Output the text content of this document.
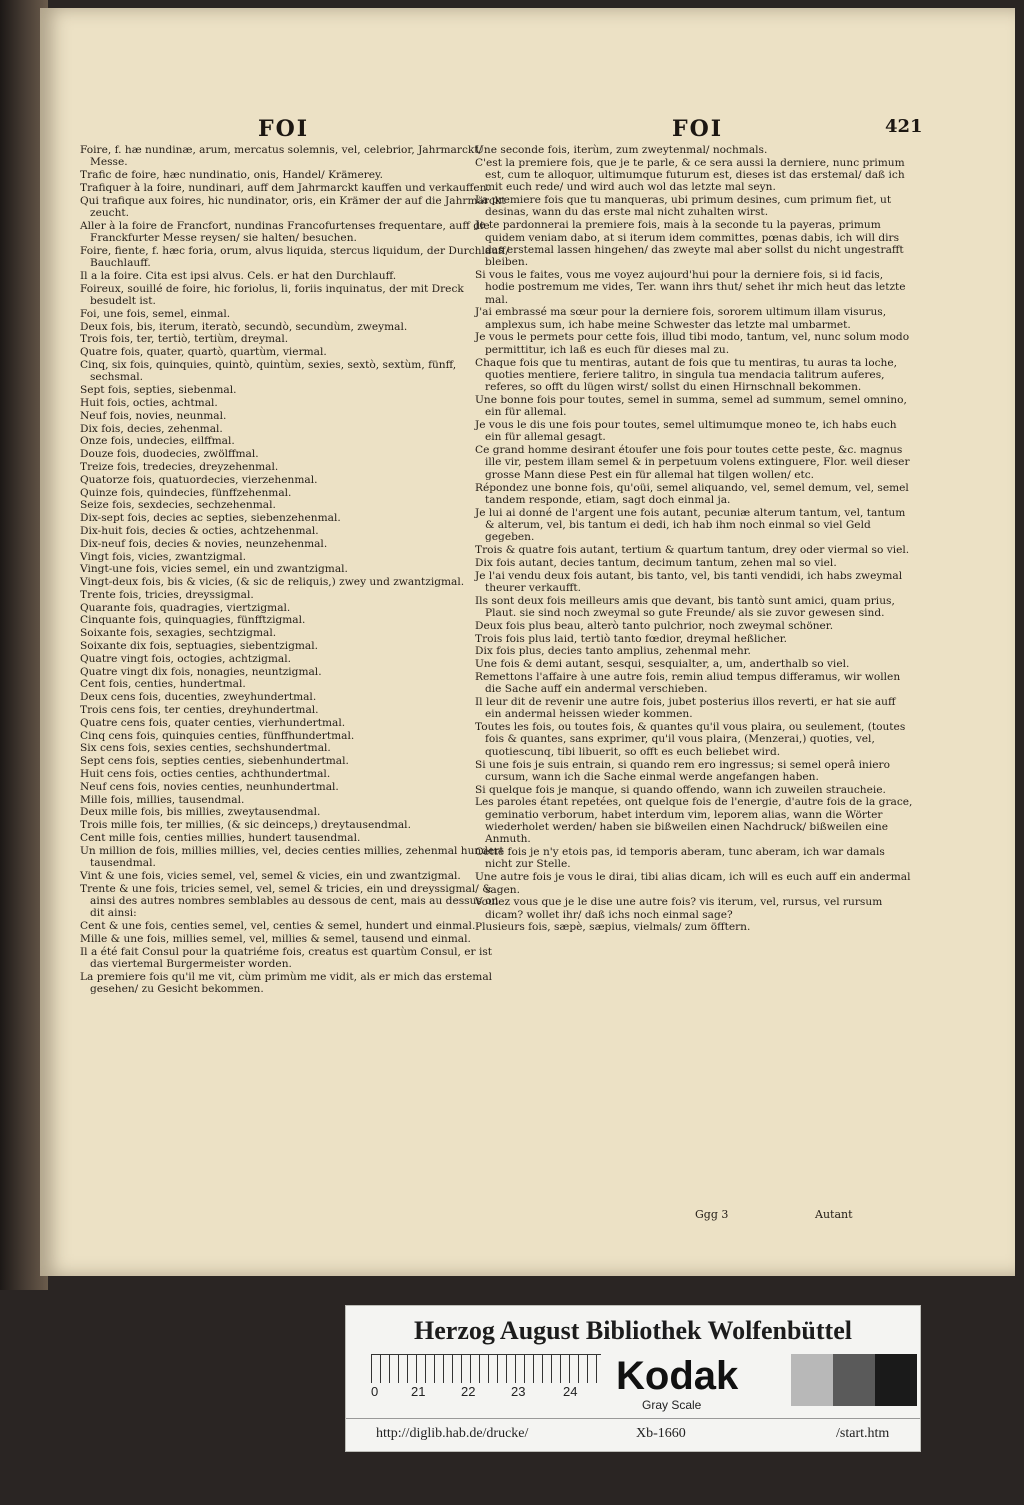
FOI	FOI	421

Foire, f. hæ nundinæ, arum, mercatus solemnis, vel, celebrior, Jahrmarckt/ Messe.

Trafic de foire, hæc nundinatio, onis, Handel/ Krämerey.

Trafiquer à la foire, nundinari, auff dem Jahrmarckt kauffen und verkauffen.

Qui trafique aux foires, hic nundinator, oris, ein Krämer der auf die Jahrmärckt zeucht.

Aller à la foire de Francfort, nundinas Francofurtenses frequentare, auff die Franckfurter Messe reysen/ sie halten/ besuchen.

Foire, fiente, f. hæc foria, orum, alvus liquida, stercus liquidum, der Durchlauff/ Bauchlauff.

Il a la foire. Cita est ipsi alvus. Cels. er hat den Durchlauff.

Foireux, souillé de foire, hic foriolus, li, foriis inquinatus, der mit Dreck besudelt ist.

Foi, une fois, semel, einmal.

Deux fois, bis, iterum, iteratò, secundò, secundùm, zweymal.

Trois fois, ter, tertiò, tertiùm, dreymal.

Quatre fois, quater, quartò, quartùm, viermal.

Cinq, six fois, quinquies, quintò, quintùm, sexies, sextò, sextùm, fünff, sechsmal.

Sept fois, septies, siebenmal.

Huit fois, octies, achtmal.

Neuf fois, novies, neunmal.

Dix fois, decies, zehenmal.

Onze fois, undecies, eilffmal.

Douze fois, duodecies, zwölffmal.

Treize fois, tredecies, dreyzehenmal.

Quatorze fois, quatuordecies, vierzehenmal.

Quinze fois, quindecies, fünffzehenmal.

Seize fois, sexdecies, sechzehenmal.

Dix-sept fois, decies ac septies, siebenzehenmal.

Dix-huit fois, decies & octies, achtzehenmal.

Dix-neuf fois, decies & novies, neunzehenmal.

Vingt fois, vicies, zwantzigmal.

Vingt-une fois, vicies semel, ein und zwantzigmal.

Vingt-deux fois, bis & vicies, (& sic de reliquis,) zwey und zwantzigmal.

Trente fois, tricies, dreyssigmal.

Quarante fois, quadragies, viertzigmal.

Cinquante fois, quinquagies, fünfftzigmal.

Soixante fois, sexagies, sechtzigmal.

Soixante dix fois, septuagies, siebentzigmal.

Quatre vingt fois, octogies, achtzigmal.

Quatre vingt dix fois, nonagies, neuntzigmal.

Cent fois, centies, hundertmal.

Deux cens fois, ducenties, zweyhundertmal.

Trois cens fois, ter centies, dreyhundertmal.

Quatre cens fois, quater centies, vierhundertmal.

Cinq cens fois, quinquies centies, fünffhundertmal.

Six cens fois, sexies centies, sechshundertmal.

Sept cens fois, septies centies, siebenhundertmal.

Huit cens fois, octies centies, achthundertmal.

Neuf cens fois, novies centies, neunhundertmal.

Mille fois, millies, tausendmal.

Deux mille fois, bis millies, zweytausendmal.

Trois mille fois, ter millies, (& sic deinceps,) dreytausendmal.

Cent mille fois, centies millies, hundert tausendmal.

Un million de fois, millies millies, vel, decies centies millies, zehenmal hundert tausendmal.

Vint & une fois, vicies semel, vel, semel & vicies, ein und zwantzigmal.

Trente & une fois, tricies semel, vel, semel & tricies, ein und dreyssigmal/ & ainsi des autres nombres semblables au dessous de cent, mais au dessus on dit ainsi:

Cent & une fois, centies semel, vel, centies & semel, hundert und einmal.

Mille & une fois, millies semel, vel, millies & semel, tausend und einmal.

Il a été fait Consul pour la quatriéme fois, creatus est quartùm Consul, er ist das viertemal Burgermeister worden.

La premiere fois qu'il me vit, cùm primùm me vidit, als er mich das erstemal gesehen/ zu Gesicht bekommen.

Une seconde fois, iterùm, zum zweytenmal/ nochmals.

C'est la premiere fois, que je te parle, & ce sera aussi la derniere, nunc primum est, cum te alloquor, ultimumque futurum est, dieses ist das erstemal/ daß ich mit euch rede/ und wird auch wol das letzte mal seyn.

La premiere fois que tu manqueras, ubi primum desines, cum primum fiet, ut desinas, wann du das erste mal nicht zuhalten wirst.

Je te pardonnerai la premiere fois, mais à la seconde tu la payeras, primum quidem veniam dabo, at si iterum idem committes, pœnas dabis, ich will dirs das erstemal lassen hingehen/ das zweyte mal aber sollst du nicht ungestrafft bleiben.

Si vous le faites, vous me voyez aujourd'hui pour la derniere fois, si id facis, hodie postremum me vides, Ter. wann ihrs thut/ sehet ihr mich heut das letzte mal.

J'ai embrassé ma sœur pour la derniere fois, sororem ultimum illam visurus, amplexus sum, ich habe meine Schwester das letzte mal umbarmet.

Je vous le permets pour cette fois, illud tibi modo, tantum, vel, nunc solum modo permittitur, ich laß es euch für dieses mal zu.

Chaque fois que tu mentiras, autant de fois que tu mentiras, tu auras ta loche, quoties mentiere, feriere talitro, in singula tua mendacia talitrum auferes, referes, so offt du lügen wirst/ sollst du einen Hirnschnall bekommen.

Une bonne fois pour toutes, semel in summa, semel ad summum, semel omnino, ein für allemal.

Je vous le dis une fois pour toutes, semel ultimumque moneo te, ich habs euch ein für allemal gesagt.

Ce grand homme desirant étoufer une fois pour toutes cette peste, &c. magnus ille vir, pestem illam semel & in perpetuum volens extinguere, Flor. weil dieser grosse Mann diese Pest ein für allemal hat tilgen wollen/ etc.

Répondez une bonne fois, qu'oüi, semel aliquando, vel, semel demum, vel, semel tandem responde, etiam, sagt doch einmal ja.

Je lui ai donné de l'argent une fois autant, pecuniæ alterum tantum, vel, tantum & alterum, vel, bis tantum ei dedi, ich hab ihm noch einmal so viel Geld gegeben.

Trois & quatre fois autant, tertium & quartum tantum, drey oder viermal so viel.

Dix fois autant, decies tantum, decimum tantum, zehen mal so viel.

Je l'ai vendu deux fois autant, bis tanto, vel, bis tanti vendidi, ich habs zweymal theurer verkaufft.

Ils sont deux fois meilleurs amis que devant, bis tantò sunt amici, quam prius, Plaut. sie sind noch zweymal so gute Freunde/ als sie zuvor gewesen sind.

Deux fois plus beau, alterò tanto pulchrior, noch zweymal schöner.

Trois fois plus laid, tertiò tanto fœdior, dreymal heßlicher.

Dix fois plus, decies tanto amplius, zehenmal mehr.

Une fois & demi autant, sesqui, sesquialter, a, um, anderthalb so viel.

Remettons l'affaire à une autre fois, remin aliud tempus differamus, wir wollen die Sache auff ein andermal verschieben.

Il leur dit de revenir une autre fois, jubet posterius illos reverti, er hat sie auff ein andermal heissen wieder kommen.

Toutes les fois, ou toutes fois, & quantes qu'il vous plaira, ou seulement, (toutes fois & quantes, sans exprimer, qu'il vous plaira, (Menzerai,) quoties, vel, quotiescunq, tibi libuerit, so offt es euch beliebet wird.

Si une fois je suis entrain, si quando rem ero ingressus; si semel operâ iniero cursum, wann ich die Sache einmal werde angefangen haben.

Si quelque fois je manque, si quando offendo, wann ich zuweilen straucheie.

Les paroles étant repetées, ont quelque fois de l'energie, d'autre fois de la grace, geminatio verborum, habet interdum vim, leporem alias, wann die Wörter wiederholet werden/ haben sie bißweilen einen Nachdruck/ bißweilen eine Anmuth.

Cette fois je n'y etois pas, id temporis aberam, tunc aberam, ich war damals nicht zur Stelle.

Une autre fois je vous le dirai, tibi alias dicam, ich will es euch auff ein andermal sagen.

Voulez vous que je le dise une autre fois? vis iterum, vel, rursus, vel rursum dicam? wollet ihr/ daß ichs noch einmal sage?

Plusieurs fois, sæpè, sæpius, vielmals/ zum öfftern.

Ggg 3	Autant
Herzog August Bibliothek Wolfenbüttel
0	21	22	23	24 Kodak
Gray Scale
http://diglib.hab.de/drucke/	Xb-1660	/start.htm
